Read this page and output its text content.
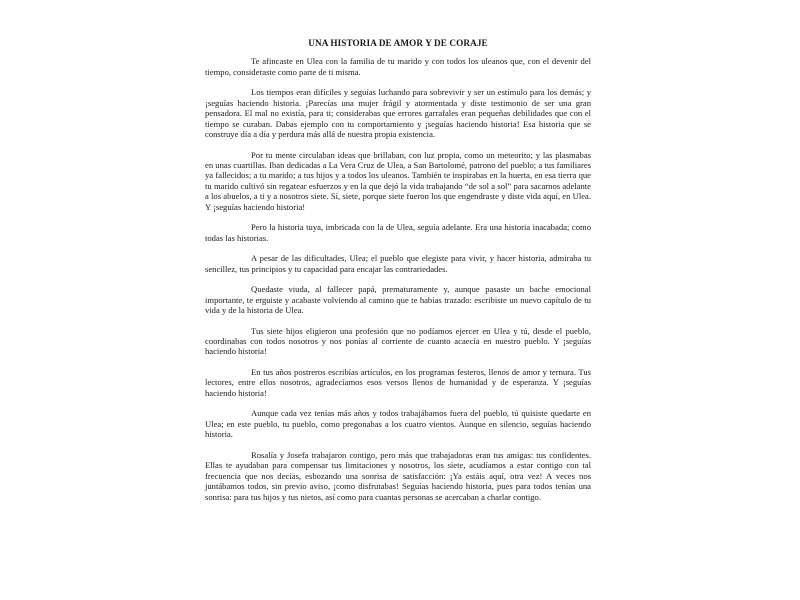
UNA HISTORIA DE AMOR Y DE CORAJE

Te afincaste en Ulea con la familia de tu marido y con todos los uleanos que, con el devenir del tiempo, consideraste como parte de ti misma.

Los tiempos eran difíciles y seguías luchando para sobrevivir y ser un estímulo para los demás; y ¡seguías haciendo historia. ¡Parecías una mujer frágil y atormentada y diste testimonio de ser una gran pensadora. El mal no existía, para ti; considerabas que errores garrafales eran pequeñas debilidades que con el tiempo se curaban. Dabas ejemplo con tu comportamiento y ¡seguías haciendo historia! Esa historia que se construye día a día y perdura más allá de nuestra propia existencia.

Por tu mente circulaban ideas que brillaban, con luz propia, como un meteorito; y las plasmabas en unas cuartillas. Iban dedicadas a La Vera Cruz de Ulea, a San Bartolomé, patrono del pueblo; a tus familiares ya fallecidos; a tu marido; a tus hijos y a todos los uleanos. También te inspirabas en la huerta, en esa tierra que tu marido cultivó sin regatear esfuerzos y en la que dejó la vida trabajando “de sol a sol” para sacarnos adelante a los abuelos, a ti y a nosotros siete. Sí, siete, porque siete fueron los que engendraste y diste vida aquí, en Ulea. Y ¡seguías haciendo historia!

Pero la historia tuya, imbricada con la de Ulea, seguía adelante. Era una historia inacabada; como todas las historias.

A pesar de las dificultades, Ulea; el pueblo que elegiste para vivir, y hacer historia, admiraba tu sencillez, tus principios y tu capacidad para encajar las contrariedades.

Quedaste viuda, al fallecer papá, prematuramente y, aunque pasaste un bache emocional importante, te erguiste y acabaste volviendo al camino que te habías trazado: escribiste un nuevo capítulo de tu vida y de la historia de Ulea.

Tus siete hijos eligieron una profesión que no podíamos ejercer en Ulea y tú, desde el pueblo, coordinabas con todos nosotros y nos ponías al corriente de cuanto acaecía en nuestro pueblo. Y ¡seguías haciendo historia!

En tus años postreros escribías artículos, en los programas festeros, llenos de amor y ternura. Tus lectores, entre ellos nosotros, agradecíamos esos versos llenos de humanidad y de esperanza. Y ¡seguías haciendo historia!

Aunque cada vez tenías más años y todos trabajábamos fuera del pueblo, tú quisiste quedarte en Ulea; en este pueblo, tu pueblo, como pregonabas a los cuatro vientos. Aunque en silencio, seguías haciendo historia.

Rosalía y Josefa trabajaron contigo, pero más que trabajadoras eran tus amigas: tus confidentes. Ellas te ayudaban para compensar tus limitaciones y nosotros, los siete, acudíamos a estar contigo con tal frecuencia que nos decías, esbozando una sonrisa de satisfacción: ¡Ya estáis aquí, otra vez! A veces nos juntábamos todos, sin previo aviso, ¡como disfrutabas! Seguías haciendo historia, pues para todos tenías una sonrisa: para tus hijos y tus nietos, así como para cuantas personas se acercaban a charlar contigo.
